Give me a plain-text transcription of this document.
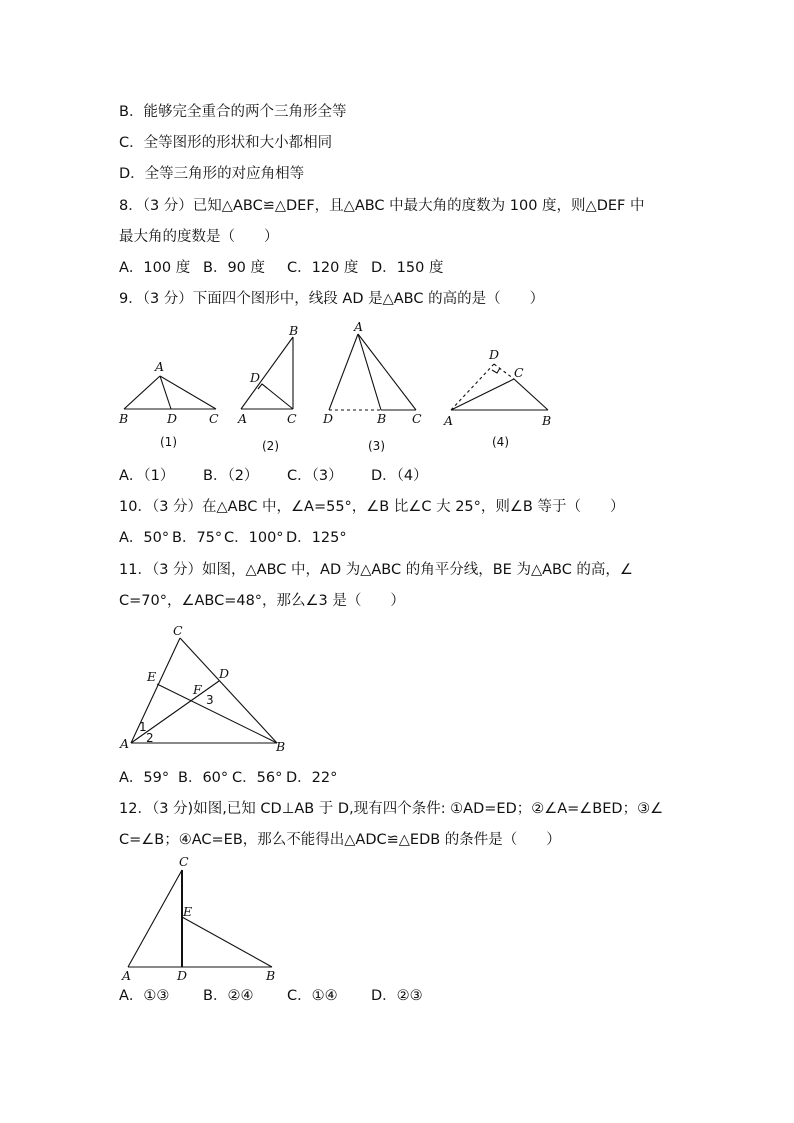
B．能够完全重合的两个三角形全等
C．全等图形的形状和大小都相同
D．全等三角形的对应角相等
8．（3 分）已知△ABC≌△DEF，且△ABC 中最大角的度数为 100 度，则△DEF 中
最大角的度数是（　　）
A．100 度 B．90 度 C．120 度 D．150 度
9．（3 分）下面四个图形中，线段 AD 是△ABC 的高的是（　　）
A
B	D	C
(1)
B
D
A	C
(2)
A
D	B C
(3)
D
C
A	B
(4)
A．（1） B．（2） C．（3） D．（4）
10．（3 分）在△ABC 中，∠A=55°，∠B 比∠C 大 25°，则∠B 等于（　　）
A．50° B．75° C．100° D．125°
11．（3 分）如图，△ABC 中，AD 为△ABC 的角平分线，BE 为△ABC 的高，∠
C=70°，∠ABC=48°，那么∠3 是（　　）
C
E	D
F
3
1
2
A	B
A．59° B．60° C．56° D．22°
12．（3 分)如图,已知 CD⊥AB 于 D,现有四个条件: ①AD=ED；②∠A=∠BED；③∠
C=∠B；④AC=EB，那么不能得出△ADC≌△EDB 的条件是（　　）
C
E
A	D	B
A．①③ B．②④ C．①④ D．②③
